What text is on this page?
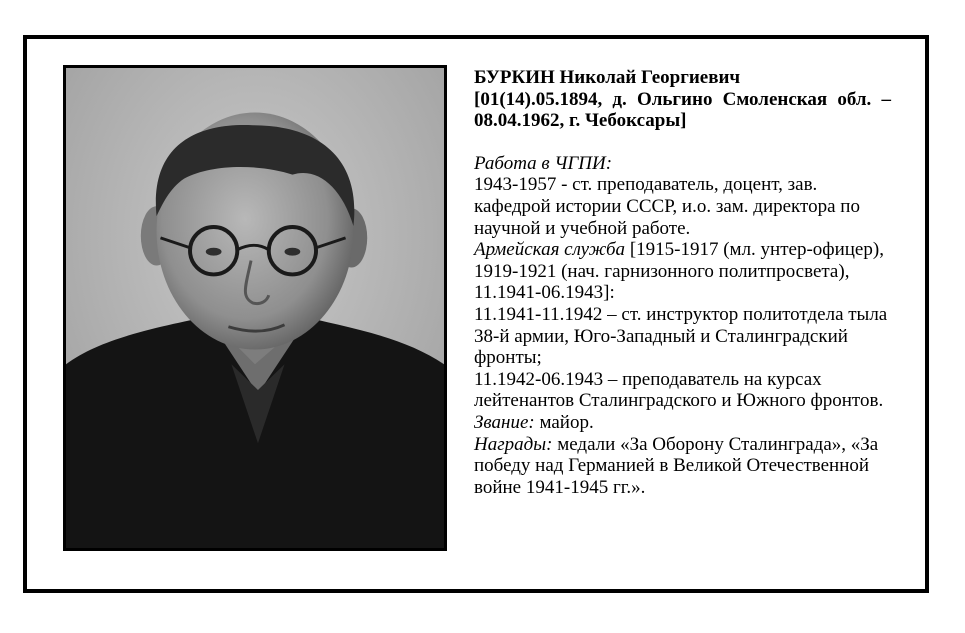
БУРКИН Николай Георгиевич
[01(14).05.1894, д. Ольгино Смоленская обл. – 08.04.1962, г. Чебоксары]
Работа в ЧГПИ:
1943-1957 - ст. преподаватель, доцент, зав. кафедрой истории СССР, и.о. зам. директора по научной и учебной работе.
Армейская служба [1915-1917 (мл. унтер-офицер), 1919-1921 (нач. гарнизонного политпросвета), 11.1941-06.1943]:
11.1941-11.1942 – ст. инструктор политотдела тыла 38-й армии, Юго-Западный и Сталинградский фронты;
11.1942-06.1943 – преподаватель на курсах лейтенантов Сталинградского и Южного фронтов.
Звание: майор.
Награды: медали «За Оборону Сталинграда», «За победу над Германией в Великой Отечественной войне 1941-1945 гг.».
